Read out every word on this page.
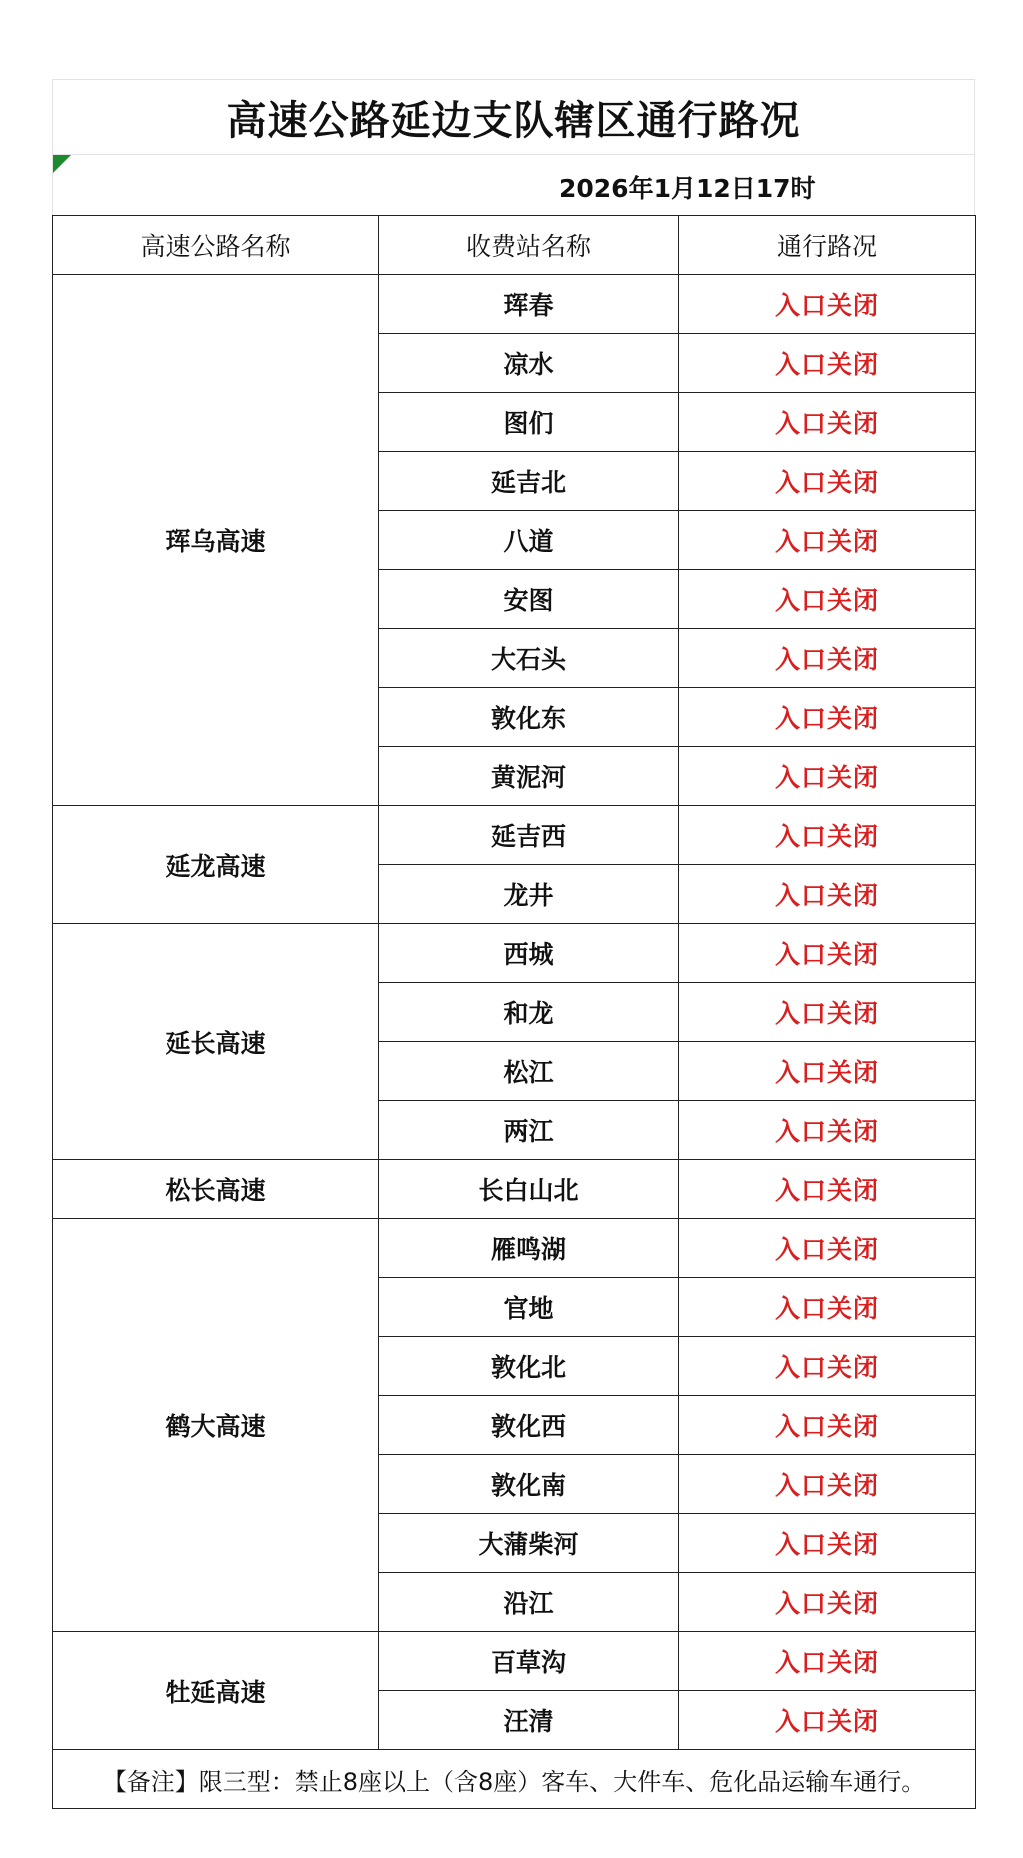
高速公路延边支队辖区通行路况
2026年1月12日17时
高速公路名称	收费站名称	通行路况
珲乌高速	珲春	入口关闭
	凉水	入口关闭
	图们	入口关闭
	延吉北	入口关闭
	八道	入口关闭
	安图	入口关闭
	大石头	入口关闭
	敦化东	入口关闭
	黄泥河	入口关闭
延龙高速	延吉西	入口关闭
	龙井	入口关闭
延长高速	西城	入口关闭
	和龙	入口关闭
	松江	入口关闭
	两江	入口关闭
松长高速	长白山北	入口关闭
鹤大高速	雁鸣湖	入口关闭
	官地	入口关闭
	敦化北	入口关闭
	敦化西	入口关闭
	敦化南	入口关闭
	大蒲柴河	入口关闭
	沿江	入口关闭
牡延高速	百草沟	入口关闭
	汪清	入口关闭
【备注】限三型：禁止8座以上（含8座）客车、大件车、危化品运输车通行。		
